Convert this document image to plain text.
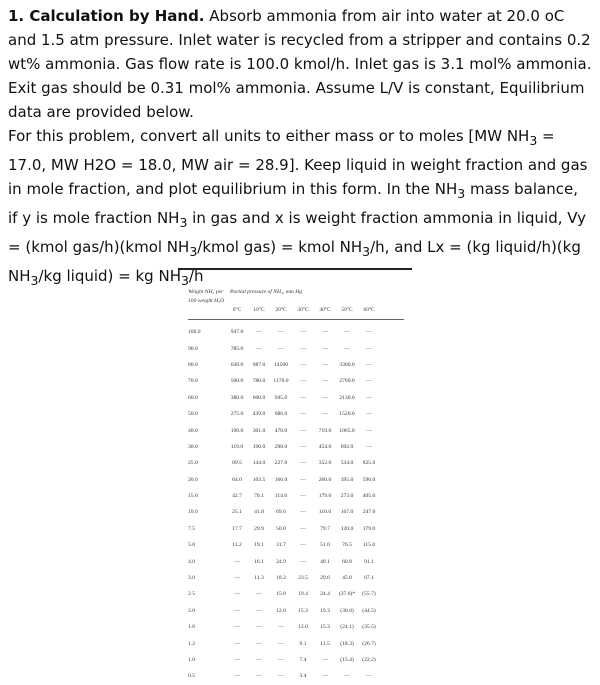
1. Calculation by Hand. Absorb ammonia from air into water at 20.0 oC and 1.5 atm pressure. Inlet water is recycled from a stripper and contains 0.2 wt% ammonia. Gas flow rate is 100.0 kmol/h. Inlet gas is 3.1 mol% ammonia. Exit gas should be 0.31 mol% ammonia. Assume L/V is constant, Equilibrium data are provided below.

For this problem, convert all units to either mass or to moles [MW $NH_3 = 17.0$, MW H2O = 18.0, MW air = 28.9]. Keep liquid in weight fraction and gas in mole fraction, and plot equilibrium in this form. In the $NH_3$ mass balance, if y is mole fraction $NH_3$ in gas and x is weight fraction ammonia in liquid, Vy = (kmol gas/h)(kmol $NH_3$/kmol gas) = kmol $NH_3/h$, and Lx = (kg liquid/h)(kg $NH_3/kg$ liquid) = kg $NH_3/h$

Weight NH₃ per 100 weight H₂O
Partial pressure of NH₃, mm Hg
0°C	10°C	20°C	30°C	40°C	50°C	60°C
100.0	947.0	—	—	—	—	—	—
90.0	785.0	—	—	—	—	—	—
80.0	636.0	987.0	14500	—	—	3300.0	—
70.0	500.0	780.0	1170.0	—	—	2760.0	—
60.0	380.0	600.0	945.0	—	—	2130.0	—
50.0	275.0	439.0	686.0	—	—	1520.0	—
40.0	190.0	301.0	470.0	—	719.0	1065.0	—
30.0	119.0	190.0	298.0	—	454.0	692.0	—
25.0	89.5	144.0	227.0	—	352.0	534.0	825.0
20.0	64.0	103.5	166.0	—	260.0	395.0	596.0
15.0	42.7	70.1	114.0	—	179.0	273.0	405.0
10.0	25.1	41.8	69.6	—	110.0	167.0	247.0
7.5	17.7	29.9	50.0	—	79.7	120.0	179.0
5.0	11.2	19.1	31.7	—	51.0	76.5	115.0
4.0	—	16.1	24.9	—	40.1	60.8	91.1
3.0	—	11.3	18.2	23.5	29.6	45.0	67.1
2.5	—	—	15.0	19.4	24.4	(37.6)*	(55.7)
2.0	—	—	12.0	15.3	19.3	(30.0)	(44.5)
1.6	—	—	—	12.0	15.3	(24.1)	(35.5)
1.2	—	—	—	9.1	11.5	(18.3)	(26.7)
1.0	—	—	—	7.4	—	(15.4)	(22.2)
0.5	—	—	—	3.4	—	—	—
